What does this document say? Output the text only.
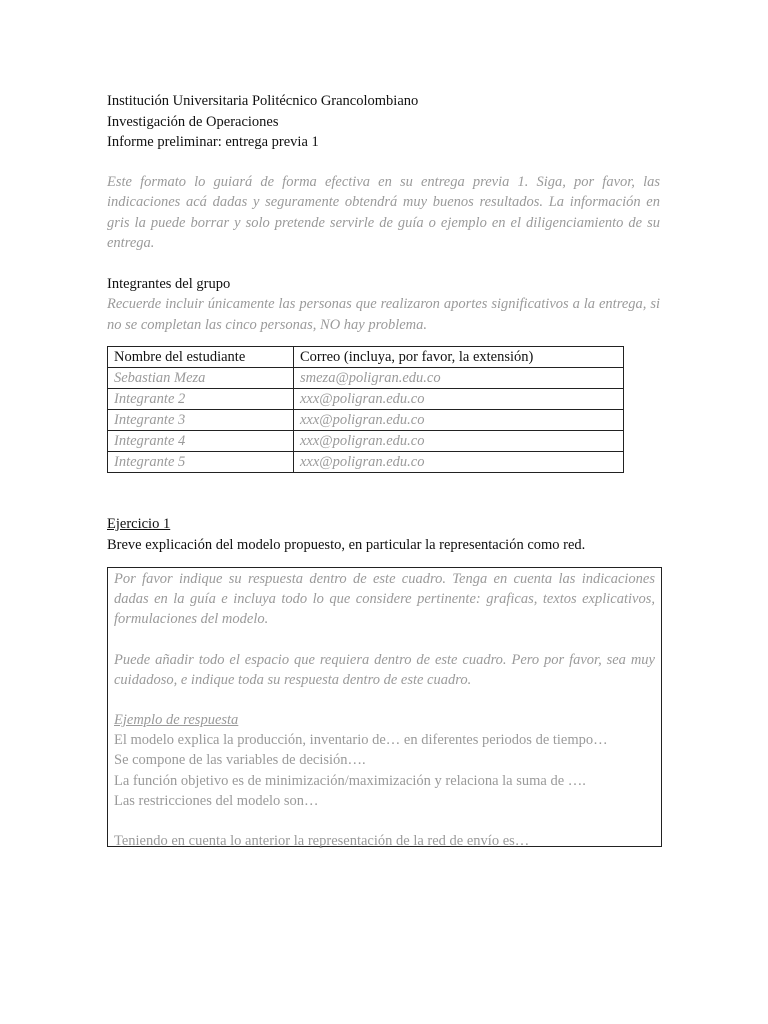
Institución Universitaria Politécnico Grancolombiano

Investigación de Operaciones

Informe preliminar: entrega previa 1

Este formato lo guiará de forma efectiva en su entrega previa 1. Siga, por favor, las indicaciones acá dadas y seguramente obtendrá muy buenos resultados. La información en gris la puede borrar y solo pretende servirle de guía o ejemplo en el diligenciamiento de su entrega.

Integrantes del grupo

Recuerde incluir únicamente las personas que realizaron aportes significativos a la entrega, si no se completan las cinco personas, NO hay problema.

Nombre del estudiante	Correo (incluya, por favor, la extensión)
Sebastian Meza	smeza@poligran.edu.co
Integrante 2	xxx@poligran.edu.co
Integrante 3	xxx@poligran.edu.co
Integrante 4	xxx@poligran.edu.co
Integrante 5	xxx@poligran.edu.co

Ejercicio 1

Breve explicación del modelo propuesto, en particular la representación como red.

Por favor indique su respuesta dentro de este cuadro. Tenga en cuenta las indicaciones dadas en la guía e incluya todo lo que considere pertinente: graficas, textos explicativos, formulaciones del modelo.

Puede añadir todo el espacio que requiera dentro de este cuadro. Pero por favor, sea muy cuidadoso, e indique toda su respuesta dentro de este cuadro.

Ejemplo de respuesta

El modelo explica la producción, inventario de… en diferentes periodos de tiempo…

Se compone de las variables de decisión….

La función objetivo es de minimización/maximización y relaciona la suma de ….

Las restricciones del modelo son…

Teniendo en cuenta lo anterior la representación de la red de envío es…
